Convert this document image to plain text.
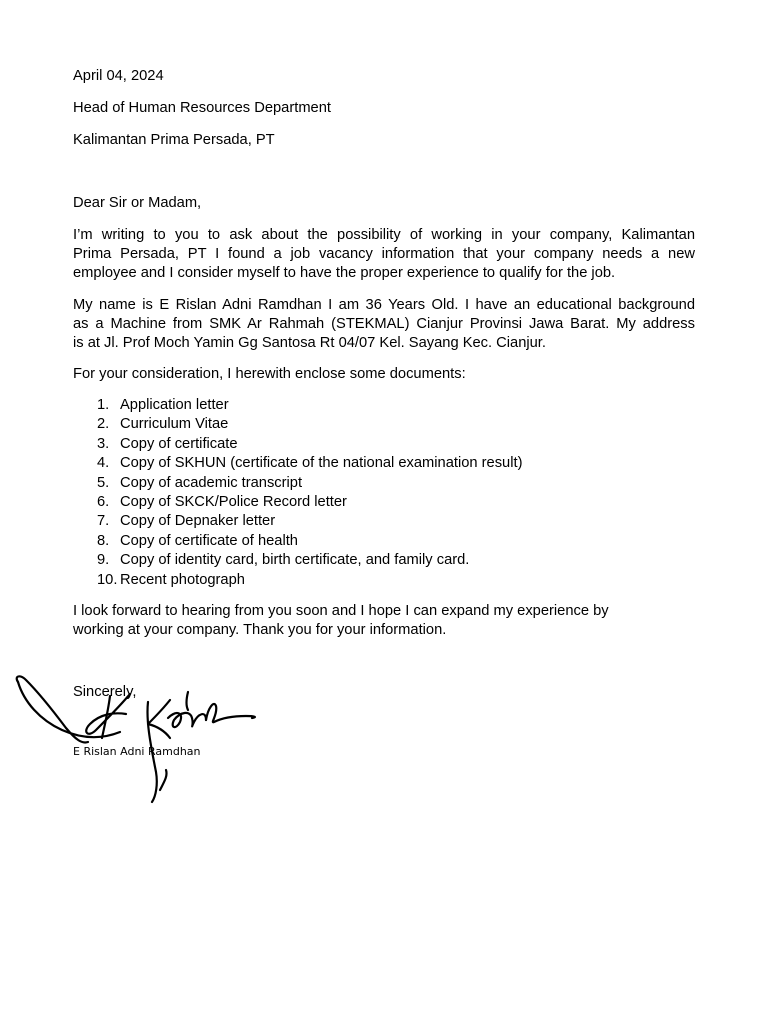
April 04, 2024
Head of Human Resources Department
Kalimantan Prima Persada, PT
Dear Sir or Madam,
I’m writing to you to ask about the possibility of working in your company, Kalimantan
Prima Persada, PT I found a job vacancy information that your company needs a new
employee and I consider myself to have the proper experience to qualify for the job.
My name is E Rislan Adni Ramdhan I am 36 Years Old. I have an educational background
as a Machine from SMK Ar Rahmah (STEKMAL) Cianjur Provinsi Jawa Barat. My address
is at Jl. Prof Moch Yamin Gg Santosa Rt 04/07 Kel. Sayang Kec. Cianjur.
For your consideration, I herewith enclose some documents:
1. Application letter
2. Curriculum Vitae
3. Copy of certificate
4. Copy of SKHUN (certificate of the national examination result)
5. Copy of academic transcript
6. Copy of SKCK/Police Record letter
7. Copy of Depnaker letter
8. Copy of certificate of health
9. Copy of identity card, birth certificate, and family card.
10. Recent photograph
I look forward to hearing from you soon and I hope I can expand my experience by
working at your company. Thank you for your information.
Sincerely,
E Rislan Adni Ramdhan
